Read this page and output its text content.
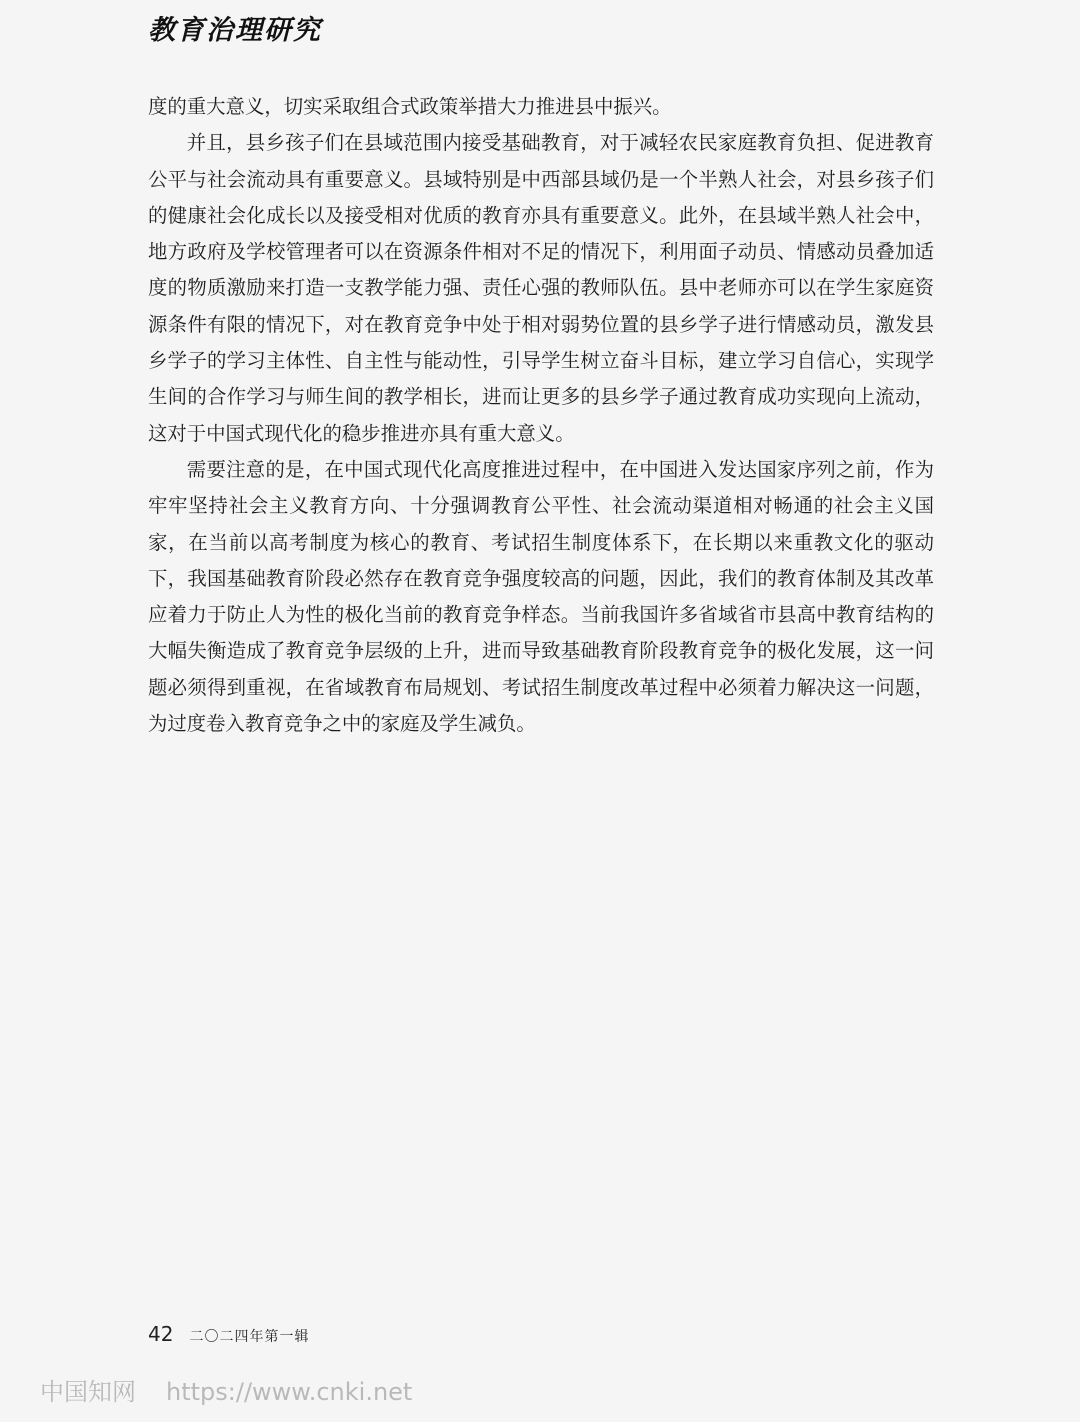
教育治理研究

度的重大意义，切实采取组合式政策举措大力推进县中振兴。

并且，县乡孩子们在县域范围内接受基础教育，对于减轻农民家庭教育负担、促进教育公平与社会流动具有重要意义。县域特别是中西部县域仍是一个半熟人社会，对县乡孩子们的健康社会化成长以及接受相对优质的教育亦具有重要意义。此外，在县域半熟人社会中，地方政府及学校管理者可以在资源条件相对不足的情况下，利用面子动员、情感动员叠加适度的物质激励来打造一支教学能力强、责任心强的教师队伍。县中老师亦可以在学生家庭资源条件有限的情况下，对在教育竞争中处于相对弱势位置的县乡学子进行情感动员，激发县乡学子的学习主体性、自主性与能动性，引导学生树立奋斗目标，建立学习自信心，实现学生间的合作学习与师生间的教学相长，进而让更多的县乡学子通过教育成功实现向上流动，这对于中国式现代化的稳步推进亦具有重大意义。

需要注意的是，在中国式现代化高度推进过程中，在中国进入发达国家序列之前，作为牢牢坚持社会主义教育方向、十分强调教育公平性、社会流动渠道相对畅通的社会主义国家，在当前以高考制度为核心的教育、考试招生制度体系下，在长期以来重教文化的驱动下，我国基础教育阶段必然存在教育竞争强度较高的问题，因此，我们的教育体制及其改革应着力于防止人为性的极化当前的教育竞争样态。当前我国许多省域省市县高中教育结构的大幅失衡造成了教育竞争层级的上升，进而导致基础教育阶段教育竞争的极化发展，这一问题必须得到重视，在省域教育布局规划、考试招生制度改革过程中必须着力解决这一问题，为过度卷入教育竞争之中的家庭及学生减负。

42 二〇二四年第一辑
中国知网 https://www.cnki.net
